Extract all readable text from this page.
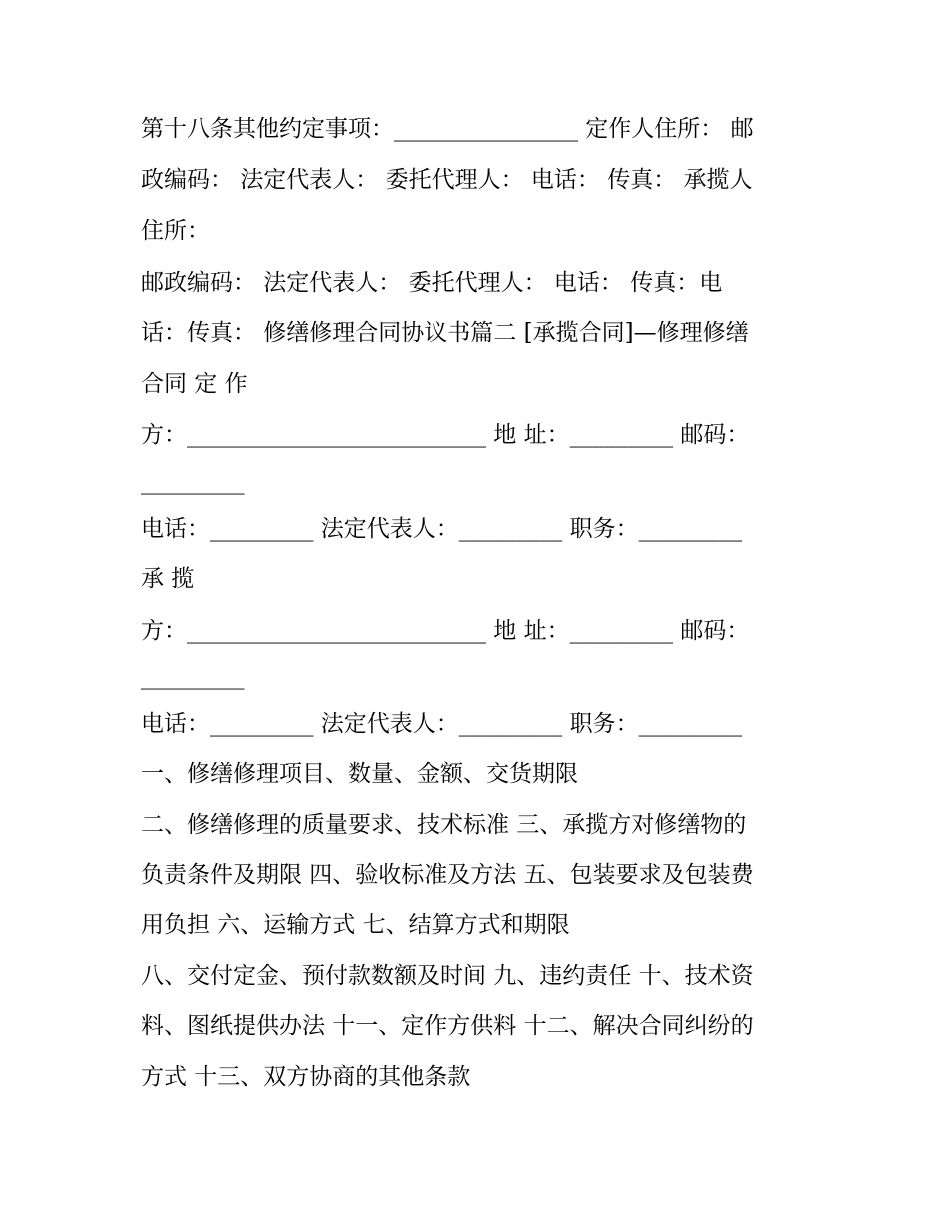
第十八条其他约定事项：________________ 定作人住所： 邮

政编码： 法定代表人： 委托代理人： 电话： 传真： 承揽人

住所：

邮政编码： 法定代表人： 委托代理人： 电话： 传真：电

话：传真： 修缮修理合同协议书篇二 [承揽合同]—修理修缮

合同 定 作

方：__________________________ 地 址：_________ 邮码：

_________

电话：_________ 法定代表人：_________ 职务：_________

承 揽

方：__________________________ 地 址：_________ 邮码：

_________

电话：_________ 法定代表人：_________ 职务：_________

一、修缮修理项目、数量、金额、交货期限

二、修缮修理的质量要求、技术标准 三、承揽方对修缮物的

负责条件及期限 四、验收标准及方法 五、包装要求及包装费

用负担 六、运输方式 七、结算方式和期限

八、交付定金、预付款数额及时间 九、违约责任 十、技术资

料、图纸提供办法 十一、定作方供料 十二、解决合同纠纷的

方式 十三、双方协商的其他条款
